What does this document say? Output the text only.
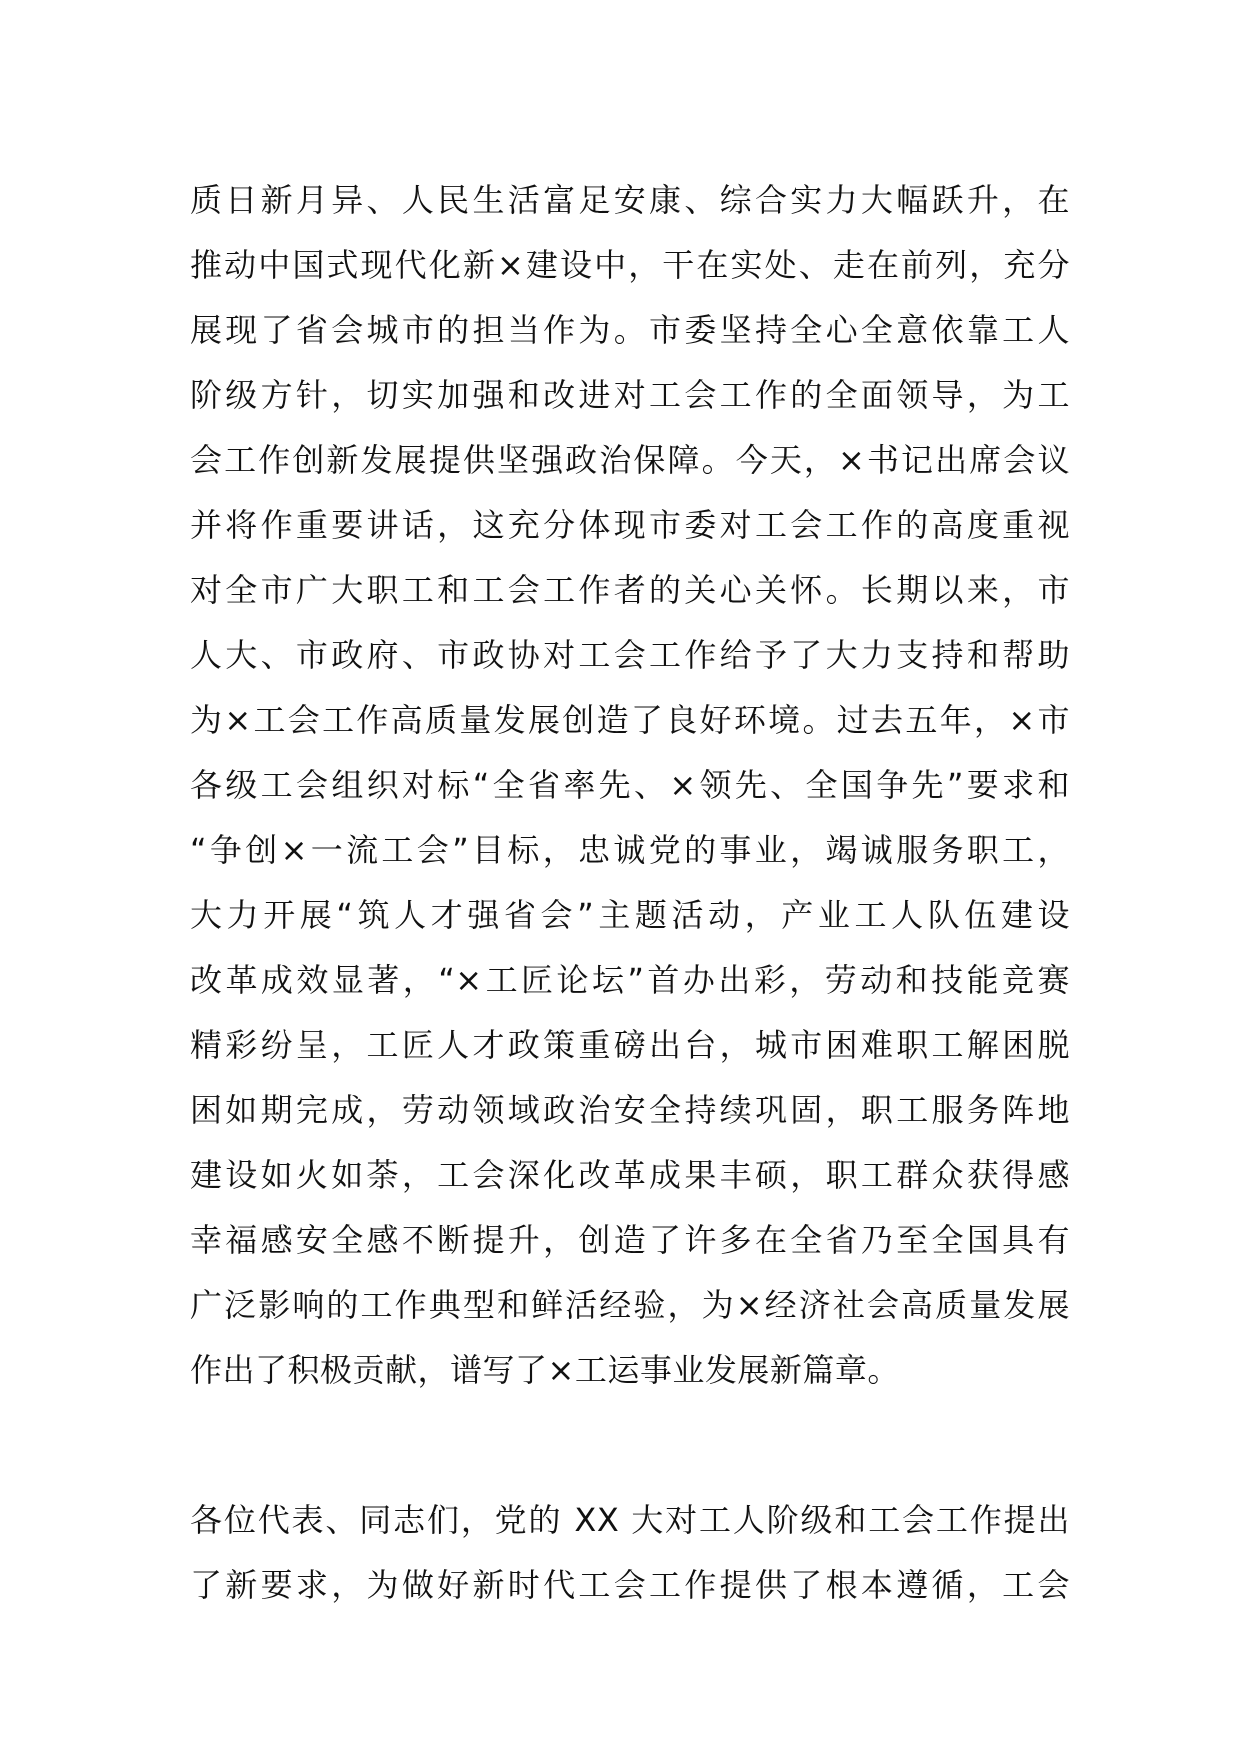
质日新月异、人民生活富足安康、综合实力大幅跃升，在
推动中国式现代化新×建设中，干在实处、走在前列，充分
展现了省会城市的担当作为。市委坚持全心全意依靠工人
阶级方针，切实加强和改进对工会工作的全面领导，为工
会工作创新发展提供坚强政治保障。今天，×书记出席会议
并将作重要讲话，这充分体现市委对工会工作的高度重视
对全市广大职工和工会工作者的关心关怀。长期以来，市
人大、市政府、市政协对工会工作给予了大力支持和帮助
为×工会工作高质量发展创造了良好环境。过去五年，×市
各级工会组织对标“全省率先、×领先、全国争先”要求和
“争创×一流工会”目标，忠诚党的事业，竭诚服务职工，
大力开展“筑人才强省会”主题活动，产业工人队伍建设
改革成效显著，“×工匠论坛”首办出彩，劳动和技能竞赛
精彩纷呈，工匠人才政策重磅出台，城市困难职工解困脱
困如期完成，劳动领域政治安全持续巩固，职工服务阵地
建设如火如荼，工会深化改革成果丰硕，职工群众获得感
幸福感安全感不断提升，创造了许多在全省乃至全国具有
广泛影响的工作典型和鲜活经验，为×经济社会高质量发展
作出了积极贡献，谱写了×工运事业发展新篇章。
各位代表、同志们，党的 XX 大对工人阶级和工会工作提出
了新要求，为做好新时代工会工作提供了根本遵循，工会
